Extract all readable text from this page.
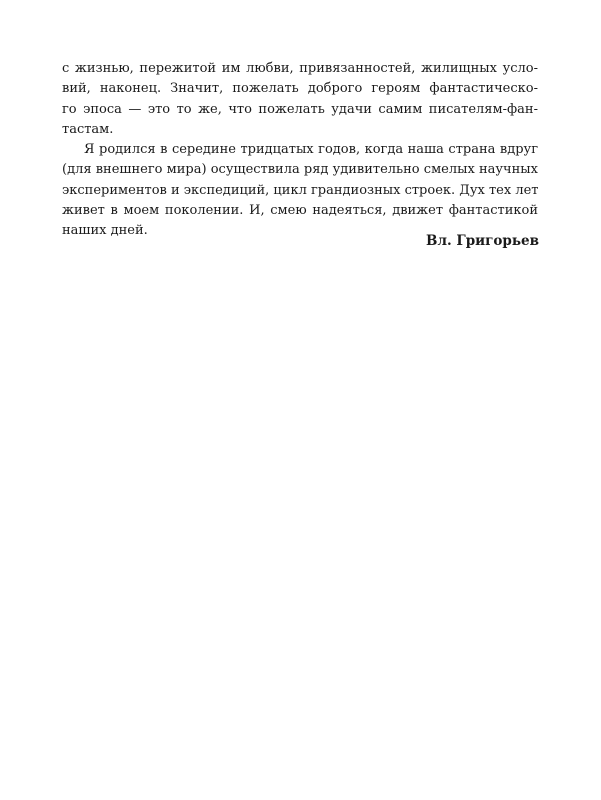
с жизнью, пережитой им любви, привязанностей, жилищных усло-
вий, наконец. Значит, пожелать доброго героям фантастическо-
го эпоса — это то же, что пожелать удачи самим писателям-фан-
тастам.
Я родился в середине тридцатых годов, когда наша страна вдруг
(для внешнего мира) осуществила ряд удивительно смелых научных
экспериментов и экспедиций, цикл грандиозных строек. Дух тех лет
живет в моем поколении. И, смею надеяться, движет фантастикой
наших дней.
Вл. Григорьев
